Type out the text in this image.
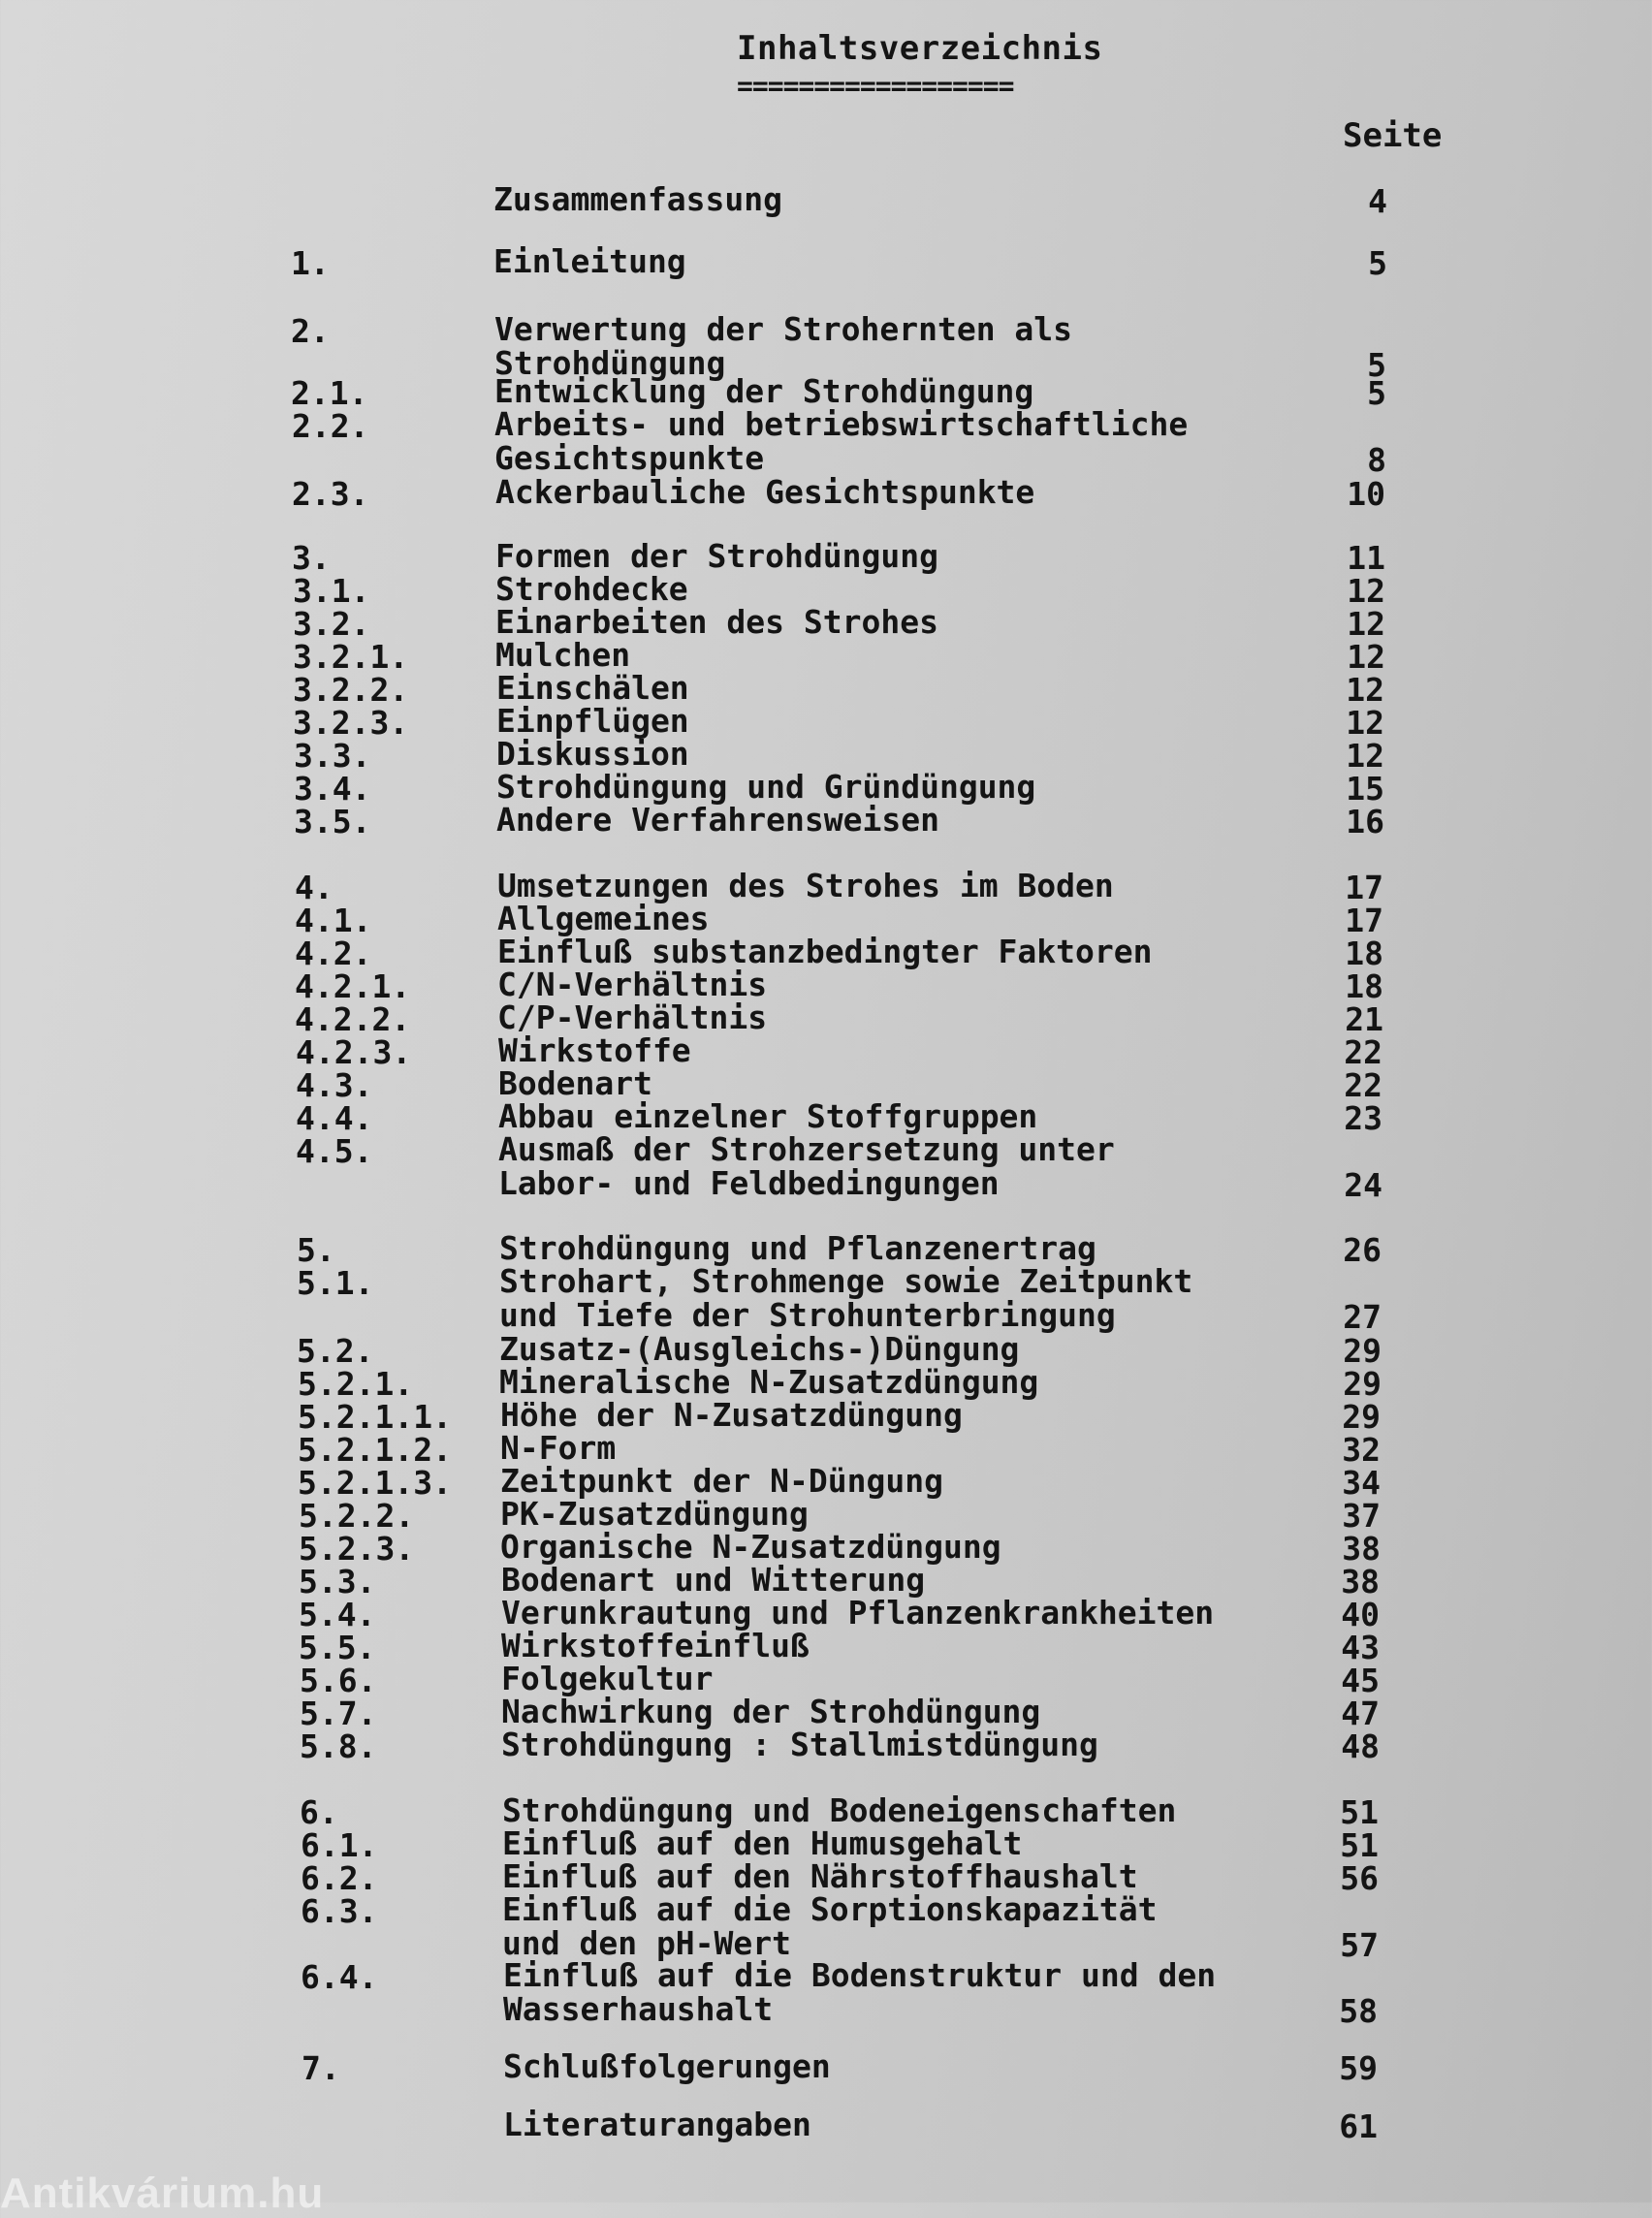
Inhaltsverzeichnis
==================
Seite
Zusammenfassung	4
1.	Einleitung	5
2.	Verwertung der Strohernten als
Strohdüngung	5
2.1.	Entwicklung der Strohdüngung	5
2.2.	Arbeits- und betriebswirtschaftliche
Gesichtspunkte	8
2.3.	Ackerbauliche Gesichtspunkte	10
3.	Formen der Strohdüngung	11
3.1.	Strohdecke	12
3.2.	Einarbeiten des Strohes	12
3.2.1.	Mulchen	12
3.2.2.	Einschälen	12
3.2.3.	Einpflügen	12
3.3.	Diskussion	12
3.4.	Strohdüngung und Gründüngung	15
3.5.	Andere Verfahrensweisen	16
4.	Umsetzungen des Strohes im Boden	17
4.1.	Allgemeines	17
4.2.	Einfluß substanzbedingter Faktoren	18
4.2.1.	C/N-Verhältnis	18
4.2.2.	C/P-Verhältnis	21
4.2.3.	Wirkstoffe	22
4.3.	Bodenart	22
4.4.	Abbau einzelner Stoffgruppen	23
4.5.	Ausmaß der Strohzersetzung unter
Labor- und Feldbedingungen	24
5.	Strohdüngung und Pflanzenertrag	26
5.1.	Strohart, Strohmenge sowie Zeitpunkt
und Tiefe der Strohunterbringung	27
5.2.	Zusatz-(Ausgleichs-)Düngung	29
5.2.1.	Mineralische N-Zusatzdüngung	29
5.2.1.1. Höhe der N-Zusatzdüngung	29
5.2.1.2. N-Form	32
5.2.1.3. Zeitpunkt der N-Düngung	34
5.2.2.	PK-Zusatzdüngung	37
5.2.3.	Organische N-Zusatzdüngung	38
5.3.	Bodenart und Witterung	38
5.4.	Verunkrautung und Pflanzenkrankheiten	40
5.5.	Wirkstoffeinfluß	43
5.6.	Folgekultur	45
5.7.	Nachwirkung der Strohdüngung	47
5.8.	Strohdüngung : Stallmistdüngung	48
6.	Strohdüngung und Bodeneigenschaften	51
6.1.	Einfluß auf den Humusgehalt	51
6.2.	Einfluß auf den Nährstoffhaushalt	56
6.3.	Einfluß auf die Sorptionskapazität
und den pH-Wert	57
6.4.	Einfluß auf die Bodenstruktur und den
Wasserhaushalt	58
7.	Schlußfolgerungen	59
Literaturangaben	61
Antikvárium.hu
